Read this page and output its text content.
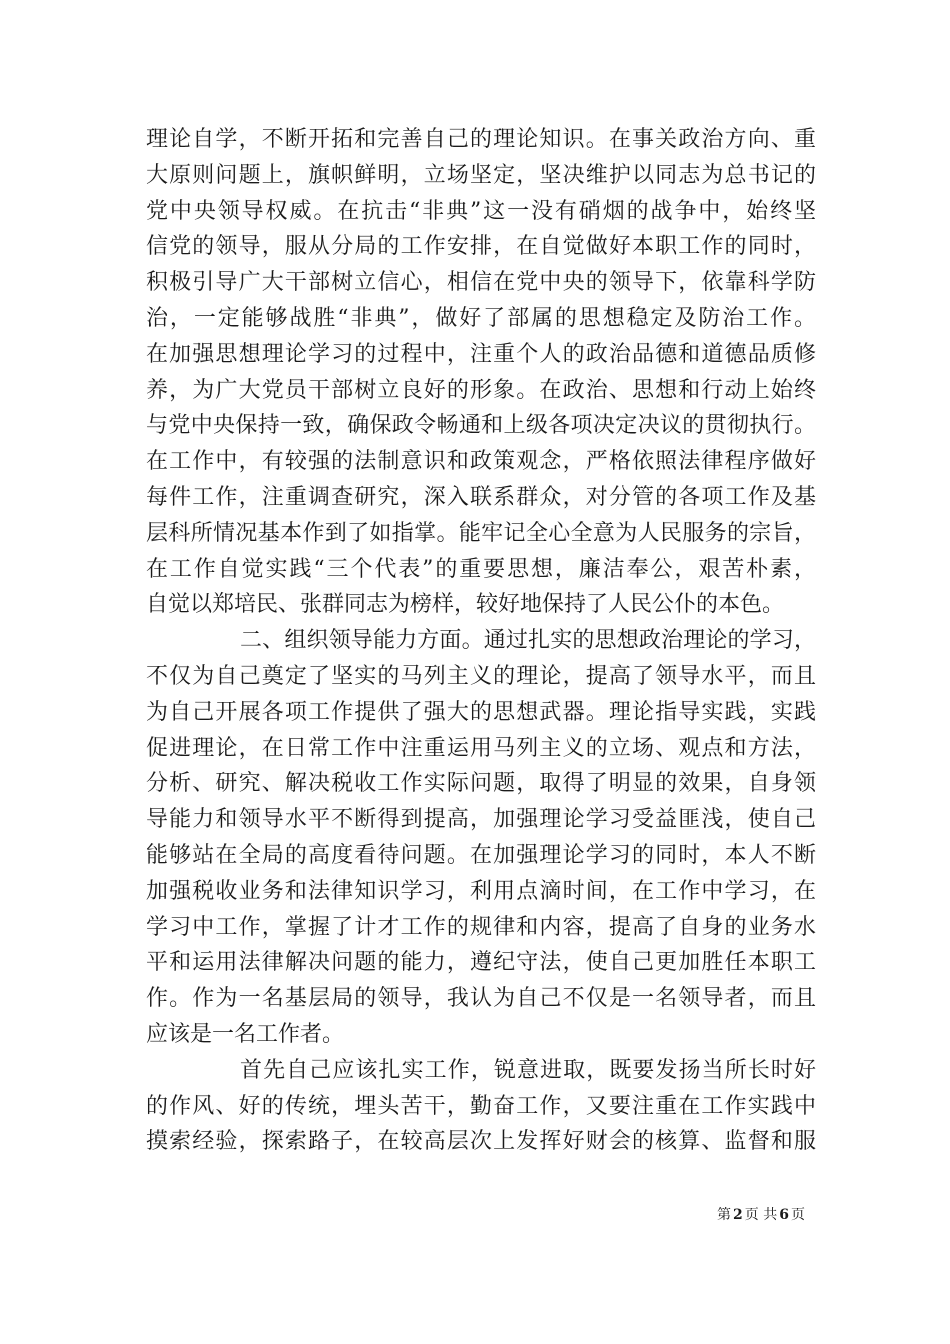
理论自学，不断开拓和完善自己的理论知识。在事关政治方向、重
大原则问题上，旗帜鲜明，立场坚定，坚决维护以同志为总书记的
党中央领导权威。在抗击“非典”这一没有硝烟的战争中，始终坚
信党的领导，服从分局的工作安排，在自觉做好本职工作的同时，
积极引导广大干部树立信心，相信在党中央的领导下，依靠科学防
治，一定能够战胜“非典”，做好了部属的思想稳定及防治工作。
在加强思想理论学习的过程中，注重个人的政治品德和道德品质修
养，为广大党员干部树立良好的形象。在政治、思想和行动上始终
与党中央保持一致，确保政令畅通和上级各项决定决议的贯彻执行。
在工作中，有较强的法制意识和政策观念，严格依照法律程序做好
每件工作，注重调查研究，深入联系群众，对分管的各项工作及基
层科所情况基本作到了如指掌。能牢记全心全意为人民服务的宗旨，
在工作自觉实践“三个代表”的重要思想，廉洁奉公，艰苦朴素，
自觉以郑培民、张群同志为榜样，较好地保持了人民公仆的本色。
二、组织领导能力方面。通过扎实的思想政治理论的学习，
不仅为自己奠定了坚实的马列主义的理论，提高了领导水平，而且
为自己开展各项工作提供了强大的思想武器。理论指导实践，实践
促进理论，在日常工作中注重运用马列主义的立场、观点和方法，
分析、研究、解决税收工作实际问题，取得了明显的效果，自身领
导能力和领导水平不断得到提高，加强理论学习受益匪浅，使自己
能够站在全局的高度看待问题。在加强理论学习的同时，本人不断
加强税收业务和法律知识学习，利用点滴时间，在工作中学习，在
学习中工作，掌握了计才工作的规律和内容，提高了自身的业务水
平和运用法律解决问题的能力，遵纪守法，使自己更加胜任本职工
作。作为一名基层局的领导，我认为自己不仅是一名领导者，而且
应该是一名工作者。
首先自己应该扎实工作，锐意进取，既要发扬当所长时好
的作风、好的传统，埋头苦干，勤奋工作，又要注重在工作实践中
摸索经验，探索路子，在较高层次上发挥好财会的核算、监督和服
第 2 页 共 6 页
